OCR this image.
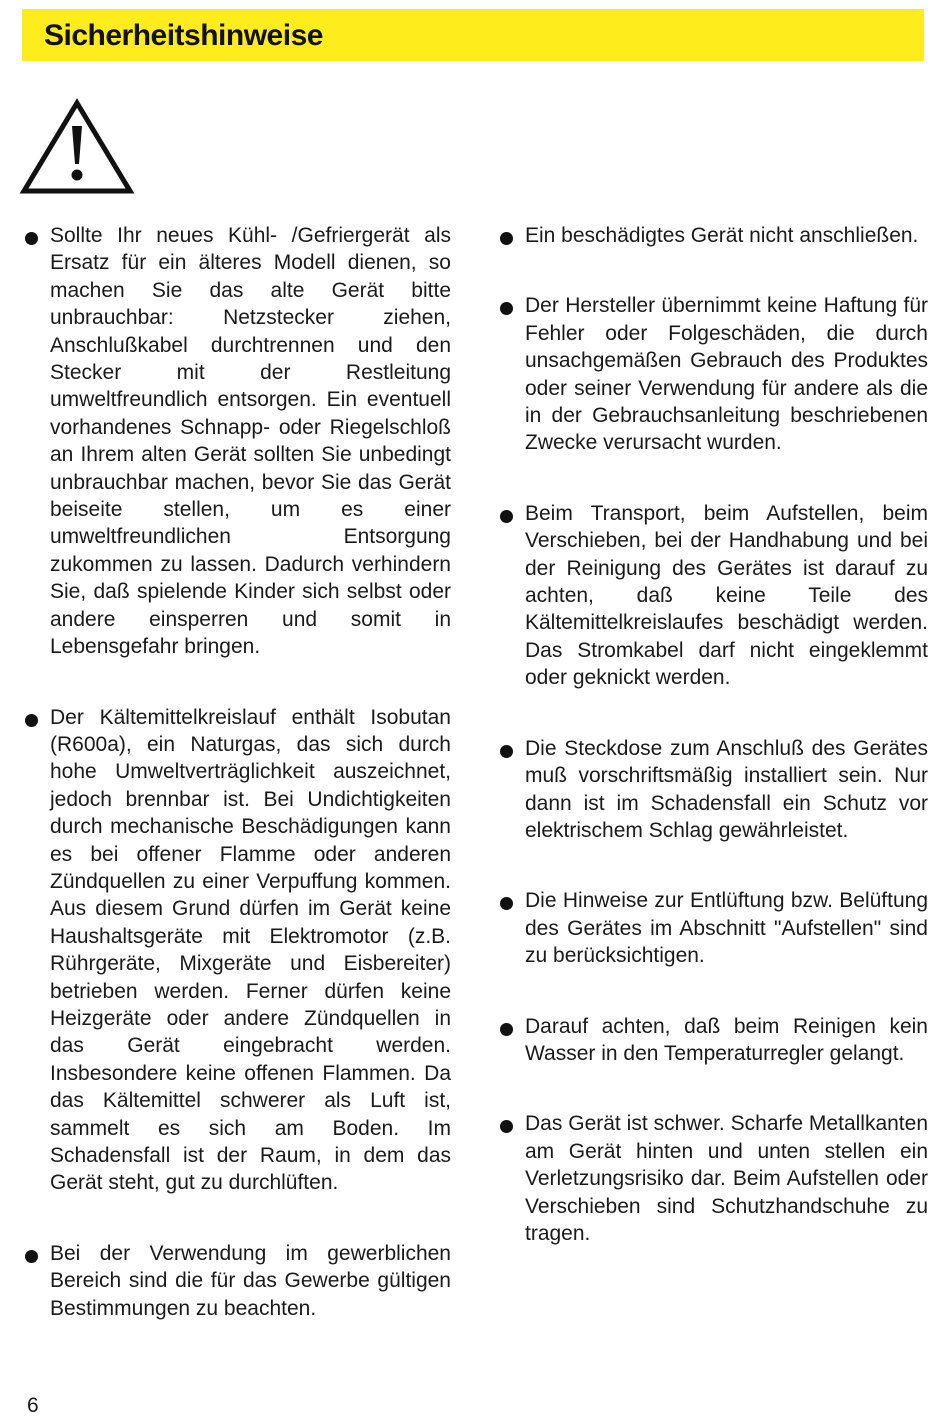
Sicherheitshinweise
Sollte Ihr neues Kühl- /Gefriergerät als Ersatz für ein älteres Modell dienen, so machen Sie das alte Gerät bitte unbrauchbar: Netzstecker ziehen, Anschlußkabel durchtrennen und den Stecker mit der Restleitung umweltfreundlich entsorgen. Ein eventuell vorhandenes Schnapp- oder Riegelschloß an Ihrem alten Gerät sollten Sie unbedingt unbrauchbar machen, bevor Sie das Gerät beiseite stellen, um es einer umweltfreundlichen Entsorgung zukommen zu lassen. Dadurch verhindern Sie, daß spielende Kinder sich selbst oder andere einsperren und somit in Lebensgefahr bringen.
Der Kältemittelkreislauf enthält Isobutan (R600a), ein Naturgas, das sich durch hohe Umweltverträglichkeit auszeichnet, jedoch brennbar ist. Bei Undichtigkeiten durch mechanische Beschädigungen kann es bei offener Flamme oder anderen Zündquellen zu einer Verpuffung kommen. Aus diesem Grund dürfen im Gerät keine Haushaltsgeräte mit Elektromotor (z.B. Rührgeräte, Mixgeräte und Eisbereiter) betrieben werden. Ferner dürfen keine Heizgeräte oder andere Zündquellen in das Gerät eingebracht werden. Insbesondere keine offenen Flammen. Da das Kältemittel schwerer als Luft ist, sammelt es sich am Boden. Im Schadensfall ist der Raum, in dem das Gerät steht, gut zu durchlüften.
Bei der Verwendung im gewerblichen Bereich sind die für das Gewerbe gültigen Bestimmungen zu beachten.
Ein beschädigtes Gerät nicht anschließen.
Der Hersteller übernimmt keine Haftung für Fehler oder Folgeschäden, die durch unsachgemäßen Gebrauch des Produktes oder seiner Verwendung für andere als die in der Gebrauchsanleitung beschriebenen Zwecke verursacht wurden.
Beim Transport, beim Aufstellen, beim Verschieben, bei der Handhabung und bei der Reinigung des Gerätes ist darauf zu achten, daß keine Teile des Kältemittelkreislaufes beschädigt werden. Das Stromkabel darf nicht eingeklemmt oder geknickt werden.
Die Steckdose zum Anschluß des Gerätes muß vorschriftsmäßig installiert sein. Nur dann ist im Schadensfall ein Schutz vor elektrischem Schlag gewährleistet.
Die Hinweise zur Entlüftung bzw. Belüftung des Gerätes im Abschnitt "Aufstellen" sind zu berücksichtigen.
Darauf achten, daß beim Reinigen kein Wasser in den Temperaturregler gelangt.
Das Gerät ist schwer. Scharfe Metallkanten am Gerät hinten und unten stellen ein Verletzungsrisiko dar. Beim Aufstellen oder Verschieben sind Schutzhandschuhe zu tragen.
6
